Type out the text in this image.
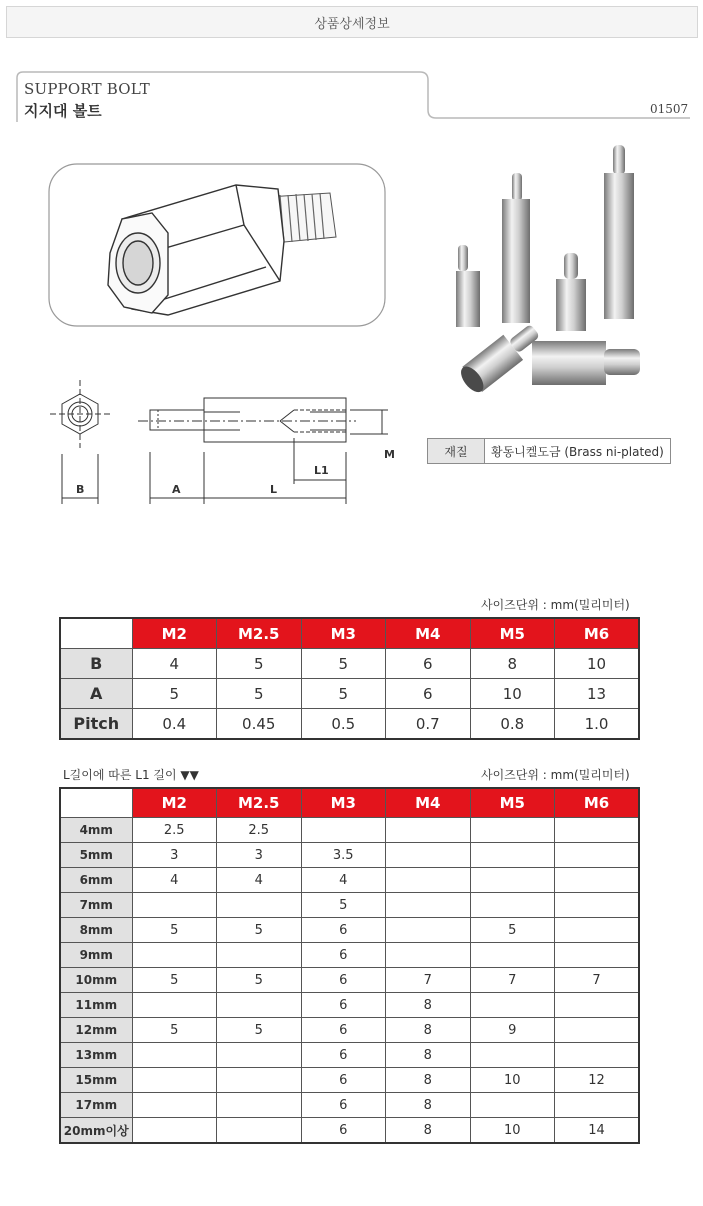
상품상세정보
SUPPORT BOLT
지지대 볼트	01507
B	A	L
L1
M	재질	황동니켈도금 (Brass ni-plated)
사이즈단위 : mm(밀리미터)
	M2	M2.5	M3	M4	M5	M6
B	4	5	5	6	8	10
A	5	5	5	6	10	13
Pitch	0.4	0.45	0.5	0.7	0.8	1.0
L길이에 따른 L1 길이 ▼▼	사이즈단위 : mm(밀리미터)
	M2	M2.5	M3	M4	M5	M6
4mm	2.5	2.5				
5mm	3	3	3.5			
6mm	4	4	4			
7mm			5			
8mm	5	5	6		5	
9mm			6			
10mm	5	5	6	7	7	7
11mm			6	8		
12mm	5	5	6	8	9	
13mm			6	8		
15mm			6	8	10	12
17mm			6	8		
20mm이상			6	8	10	14
